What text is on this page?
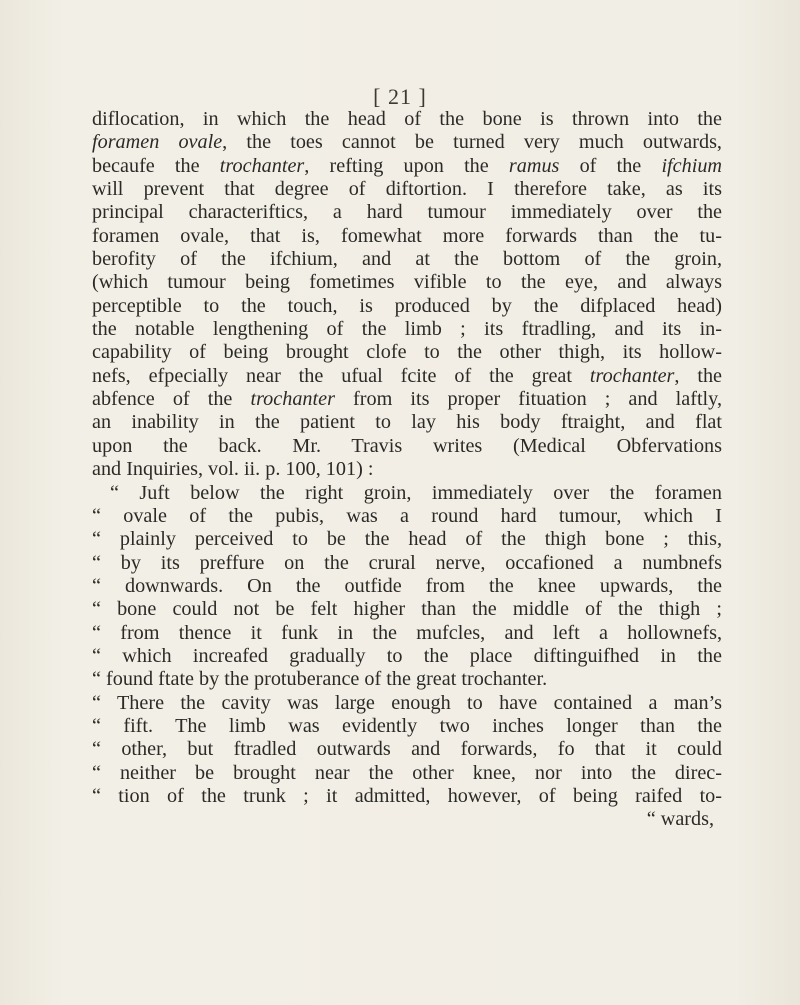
[ 21 ]
diflocation, in which the head of the bone is thrown into the
foramen ovale, the toes cannot be turned very much outwards,
becaufe the trochanter, refting upon the ramus of the ifchium
will prevent that degree of diftortion. I therefore take, as its
principal characteriftics, a hard tumour immediately over the
foramen ovale, that is, fomewhat more forwards than the tu-
berofity of the ifchium, and at the bottom of the groin,
(which tumour being fometimes vifible to the eye, and always
perceptible to the touch, is produced by the difplaced head)
the notable lengthening of the limb ; its ftradling, and its in-
capability of being brought clofe to the other thigh, its hollow-
nefs, efpecially near the ufual fcite of the great trochanter, the
abfence of the trochanter from its proper fituation ; and laftly,
an inability in the patient to lay his body ftraight, and flat
upon the back. Mr. Travis writes (Medical Obfervations
and Inquiries, vol. ii. p. 100, 101) :
“ Juft below the right groin, immediately over the foramen
“ ovale of the pubis, was a round hard tumour, which I
“ plainly perceived to be the head of the thigh bone ; this,
“ by its preffure on the crural nerve, occafioned a numbnefs
“ downwards. On the outfide from the knee upwards, the
“ bone could not be felt higher than the middle of the thigh ;
“ from thence it funk in the mufcles, and left a hollownefs,
“ which increafed gradually to the place diftinguifhed in the
“ found ftate by the protuberance of the great trochanter.
“ There the cavity was large enough to have contained a man’s
“ fift. The limb was evidently two inches longer than the
“ other, but ftradled outwards and forwards, fo that it could
“ neither be brought near the other knee, nor into the direc-
“ tion of the trunk ; it admitted, however, of being raifed to-
“ wards,
